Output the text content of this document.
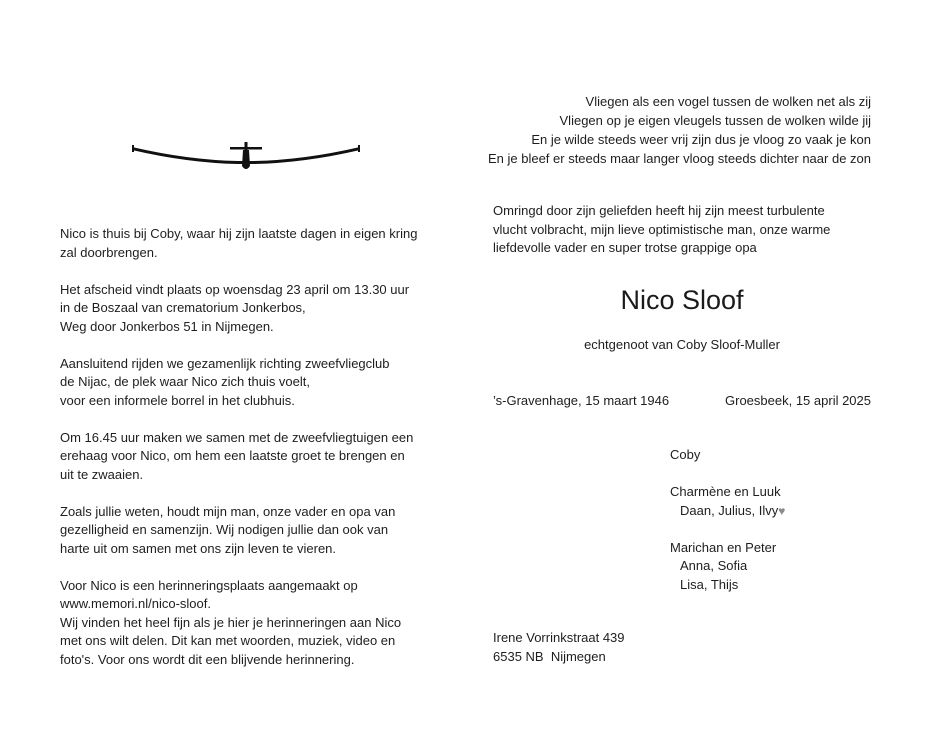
Nico is thuis bij Coby, waar hij zijn laatste dagen in eigen kring
zal doorbrengen.

Het afscheid vindt plaats op woensdag 23 april om 13.30 uur
in de Boszaal van crematorium Jonkerbos,
Weg door Jonkerbos 51 in Nijmegen.

Aansluitend rijden we gezamenlijk richting zweefvliegclub
de Nijac, de plek waar Nico zich thuis voelt,
voor een informele borrel in het clubhuis.

Om 16.45 uur maken we samen met de zweefvliegtuigen een
erehaag voor Nico, om hem een laatste groet te brengen en
uit te zwaaien.

Zoals jullie weten, houdt mijn man, onze vader en opa van
gezelligheid en samenzijn. Wij nodigen jullie dan ook van
harte uit om samen met ons zijn leven te vieren.

Voor Nico is een herinneringsplaats aangemaakt op
www.memori.nl/nico-sloof.
Wij vinden het heel fijn als je hier je herinneringen aan Nico
met ons wilt delen. Dit kan met woorden, muziek, video en
foto's. Voor ons wordt dit een blijvende herinnering.

Vliegen als een vogel tussen de wolken net als zij
Vliegen op je eigen vleugels tussen de wolken wilde jij
En je wilde steeds weer vrij zijn dus je vloog zo vaak je kon
En je bleef er steeds maar langer vloog steeds dichter naar de zon
Omringd door zijn geliefden heeft hij zijn meest turbulente
vlucht volbracht, mijn lieve optimistische man, onze warme
liefdevolle vader en super trotse grappige opa
Nico Sloof
echtgenoot van Coby Sloof-Muller
’s-Gravenhage, 15 maart 1946	Groesbeek, 15 april 2025
Coby
Charmène en Luuk
Daan, Julius, Ilvy♥
Marichan en Peter
Anna, Sofia
Lisa, Thijs
Irene Vorrinkstraat 439
6535 NB  Nijmegen
